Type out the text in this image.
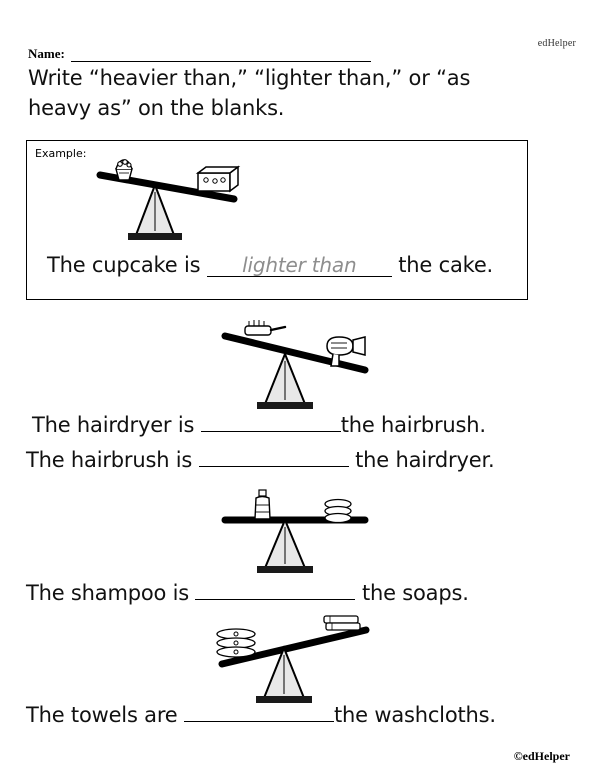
edHelper
Name:
Write “heavier than,” “lighter than,” or “as heavy as” on the blanks.
Example:
The cupcake is	lighter than	the cake.
The hairdryer is	the hairbrush.
The hairbrush is	the hairdryer.
The shampoo is	the soaps.
The towels are	the washcloths.
©edHelper
